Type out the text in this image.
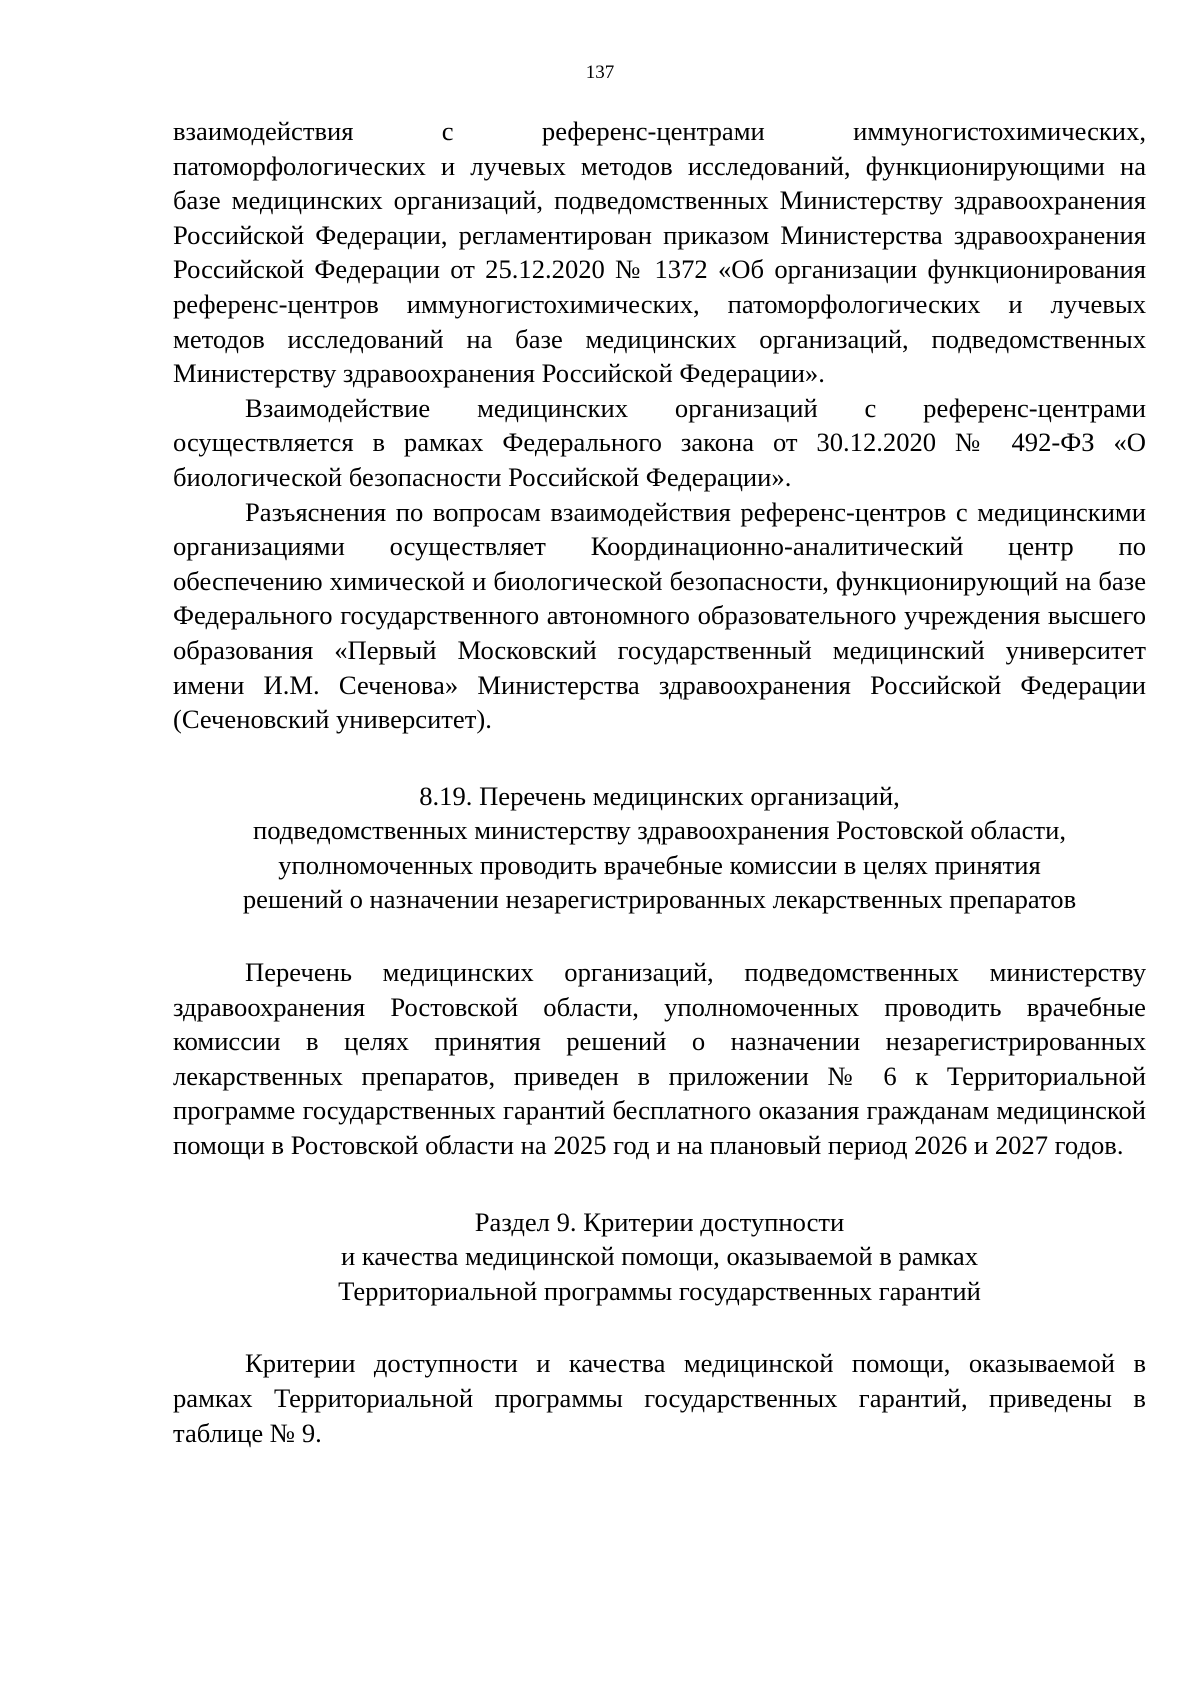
137

взаимодействия с референс-центрами иммуногистохимических, патоморфологических и лучевых методов исследований, функционирующими на базе медицинских организаций, подведомственных Министерству здравоохранения Российской Федерации, регламентирован приказом Министерства здравоохранения Российской Федерации от 25.12.2020 № 1372 «Об организации функционирования референс-центров иммуногистохимических, патоморфологических и лучевых методов исследований на базе медицинских организаций, подведомственных Министерству здравоохранения Российской Федерации».

Взаимодействие медицинских организаций с референс-центрами осуществляется в рамках Федерального закона от 30.12.2020 № 492-ФЗ «О биологической безопасности Российской Федерации».

Разъяснения по вопросам взаимодействия референс-центров с медицинскими организациями осуществляет Координационно-аналитический центр по обеспечению химической и биологической безопасности, функционирующий на базе Федерального государственного автономного образовательного учреждения высшего образования «Первый Московский государственный медицинский университет имени И.М. Сеченова» Министерства здравоохранения Российской Федерации (Сеченовский университет).

8.19. Перечень медицинских организаций,
подведомственных министерству здравоохранения Ростовской области,
уполномоченных проводить врачебные комиссии в целях принятия
решений о назначении незарегистрированных лекарственных препаратов

Перечень медицинских организаций, подведомственных министерству здравоохранения Ростовской области, уполномоченных проводить врачебные комиссии в целях принятия решений о назначении незарегистрированных лекарственных препаратов, приведен в приложении № 6 к Территориальной программе государственных гарантий бесплатного оказания гражданам медицинской помощи в Ростовской области на 2025 год и на плановый период 2026 и 2027 годов.

Раздел 9. Критерии доступности
и качества медицинской помощи, оказываемой в рамках
Территориальной программы государственных гарантий

Критерии доступности и качества медицинской помощи, оказываемой в рамках Территориальной программы государственных гарантий, приведены в таблице № 9.
